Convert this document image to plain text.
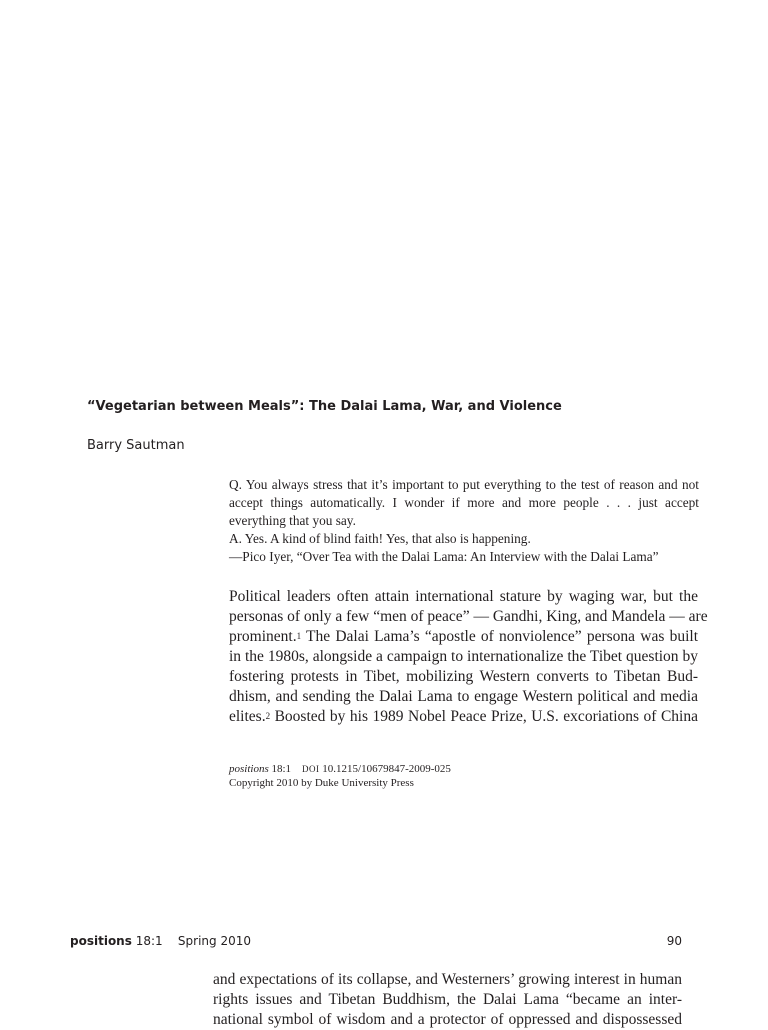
“Vegetarian between Meals”: The Dalai Lama, War, and Violence
Barry Sautman

Q. You always stress that it’s important to put everything to the test of reason and not accept things automatically. I wonder if more and more people . . . just accept everything that you say.

A. Yes. A kind of blind faith! Yes, that also is happening.

—Pico Iyer, “Over Tea with the Dalai Lama: An Interview with the Dalai Lama”

Political leaders often attain international stature by waging war, but the
personas of only a few “men of peace” — Gandhi, King, and Mandela — are
prominent.$^1$ The Dalai Lama’s “apostle of nonviolence” persona was built
in the 1980s, alongside a campaign to internationalize the Tibet question by
fostering protests in Tibet, mobilizing Western converts to Tibetan Bud-
dhism, and sending the Dalai Lama to engage Western political and media
elites.$^2$ Boosted by his 1989 Nobel Peace Prize, U.S. excoriations of China
positions 18:1 DOI 10.1215/10679847-2009-025
Copyright 2010 by Duke University Press
positions 18:1 Spring 2010	90
and expectations of its collapse, and Westerners’ growing interest in human
rights issues and Tibetan Buddhism, the Dalai Lama “became an inter-
national symbol of wisdom and a protector of oppressed and dispossessed
